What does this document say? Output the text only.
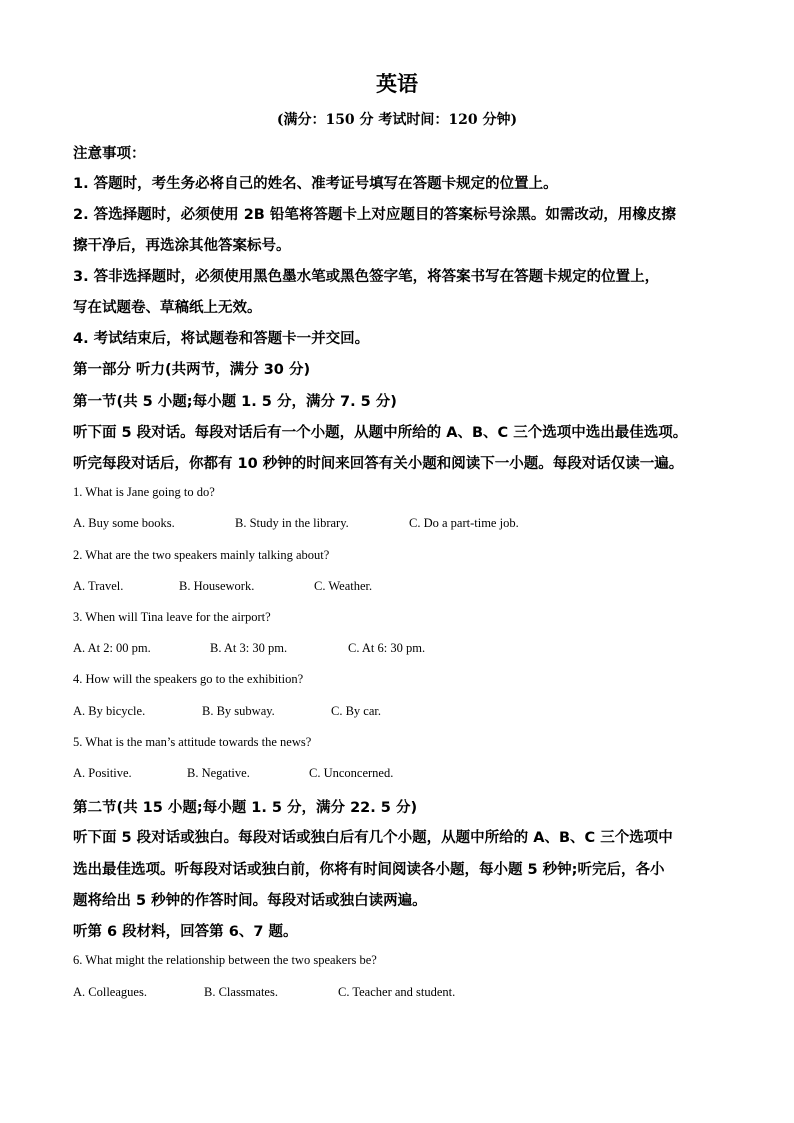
英语
(满分：150 分 考试时间：120 分钟)
注意事项：
1. 答题时，考生务必将自己的姓名、准考证号填写在答题卡规定的位置上。
2. 答选择题时，必须使用 2B 铅笔将答题卡上对应题目的答案标号涂黑。如需改动，用橡皮擦
擦干净后，再选涂其他答案标号。
3. 答非选择题时，必须使用黑色墨水笔或黑色签字笔，将答案书写在答题卡规定的位置上，
写在试题卷、草稿纸上无效。
4. 考试结束后，将试题卷和答题卡一并交回。
第一部分 听力(共两节，满分 30 分)
第一节(共 5 小题;每小题 1. 5 分，满分 7. 5 分)
听下面 5 段对话。每段对话后有一个小题，从题中所给的 A、B、C 三个选项中选出最佳选项。
听完每段对话后，你都有 10 秒钟的时间来回答有关小题和阅读下一小题。每段对话仅读一遍。
1. What is Jane going to do?
A. Buy some books.	B. Study in the library.	C. Do a part-time job.
2. What are the two speakers mainly talking about?
A. Travel.	B. Housework.	C. Weather.
3. When will Tina leave for the airport?
A. At 2: 00 pm.	B. At 3: 30 pm.	C. At 6: 30 pm.
4. How will the speakers go to the exhibition?
A. By bicycle.	B. By subway.	C. By car.
5. What is the man’s attitude towards the news?
A. Positive.	B. Negative.	C. Unconcerned.
第二节(共 15 小题;每小题 1. 5 分，满分 22. 5 分)
听下面 5 段对话或独白。每段对话或独白后有几个小题，从题中所给的 A、B、C 三个选项中
选出最佳选项。听每段对话或独白前，你将有时间阅读各小题，每小题 5 秒钟;听完后，各小
题将给出 5 秒钟的作答时间。每段对话或独白读两遍。
听第 6 段材料，回答第 6、7 题。
6. What might the relationship between the two speakers be?
A. Colleagues.	B. Classmates.	C. Teacher and student.
